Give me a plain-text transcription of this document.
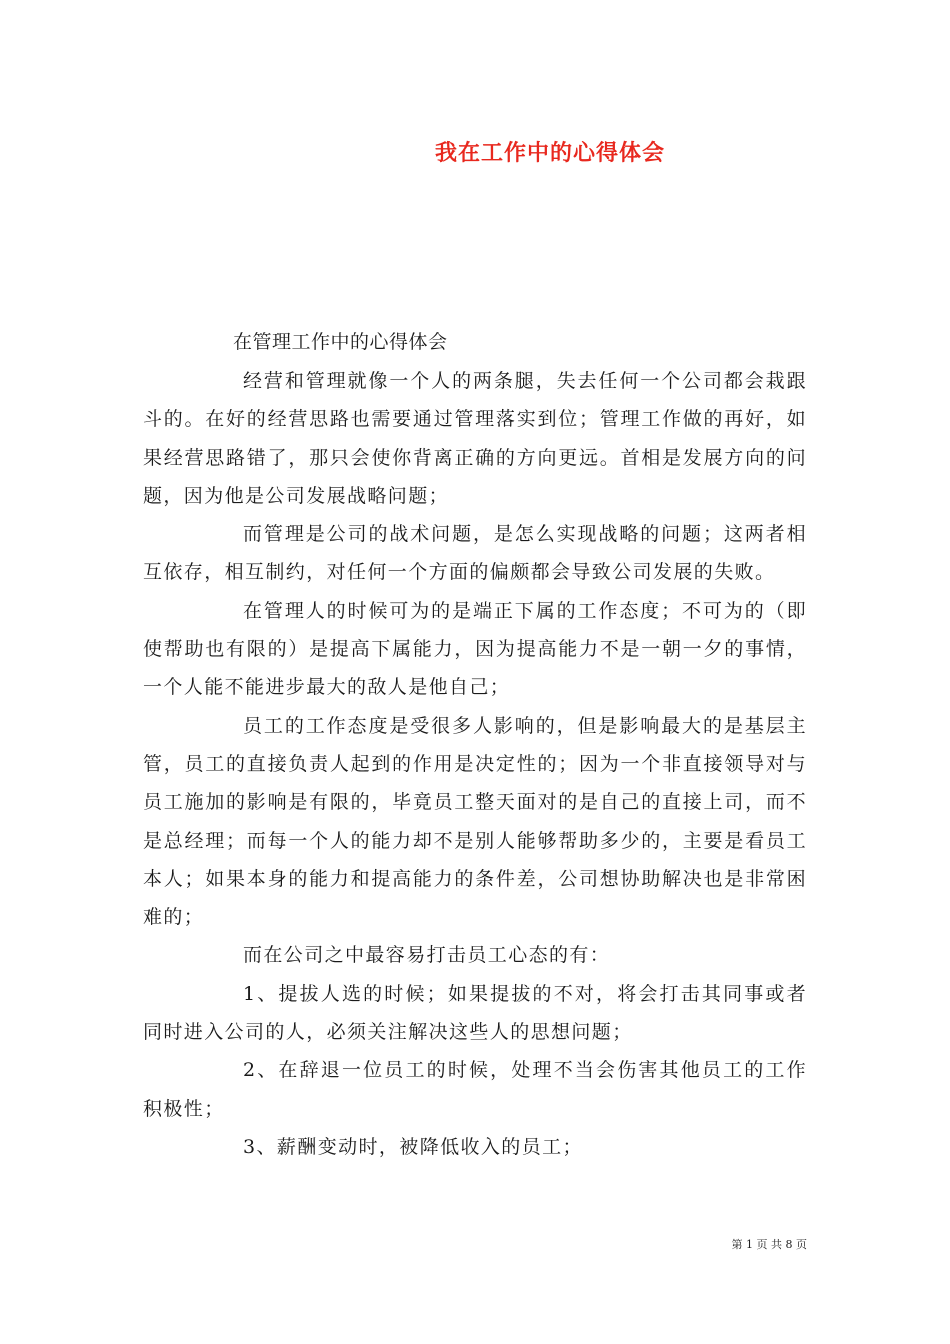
我在工作中的心得体会
在管理工作中的心得体会

经营和管理就像一个人的两条腿，失去任何一个公司都会栽跟斗的。在好的经营思路也需要通过管理落实到位；管理工作做的再好，如果经营思路错了，那只会使你背离正确的方向更远。首相是发展方向的问题，因为他是公司发展战略问题；

而管理是公司的战术问题，是怎么实现战略的问题；这两者相互依存，相互制约，对任何一个方面的偏颇都会导致公司发展的失败。

在管理人的时候可为的是端正下属的工作态度；不可为的（即使帮助也有限的）是提高下属能力，因为提高能力不是一朝一夕的事情，一个人能不能进步最大的敌人是他自己；

员工的工作态度是受很多人影响的，但是影响最大的是基层主管，员工的直接负责人起到的作用是决定性的；因为一个非直接领导对与员工施加的影响是有限的，毕竟员工整天面对的是自己的直接上司，而不是总经理；而每一个人的能力却不是别人能够帮助多少的，主要是看员工本人；如果本身的能力和提高能力的条件差，公司想协助解决也是非常困难的；

而在公司之中最容易打击员工心态的有：

1、提拔人选的时候；如果提拔的不对，将会打击其同事或者同时进入公司的人，必须关注解决这些人的思想问题；

2、在辞退一位员工的时候，处理不当会伤害其他员工的工作积极性；

3、薪酬变动时，被降低收入的员工；

第 1 页 共 8 页
